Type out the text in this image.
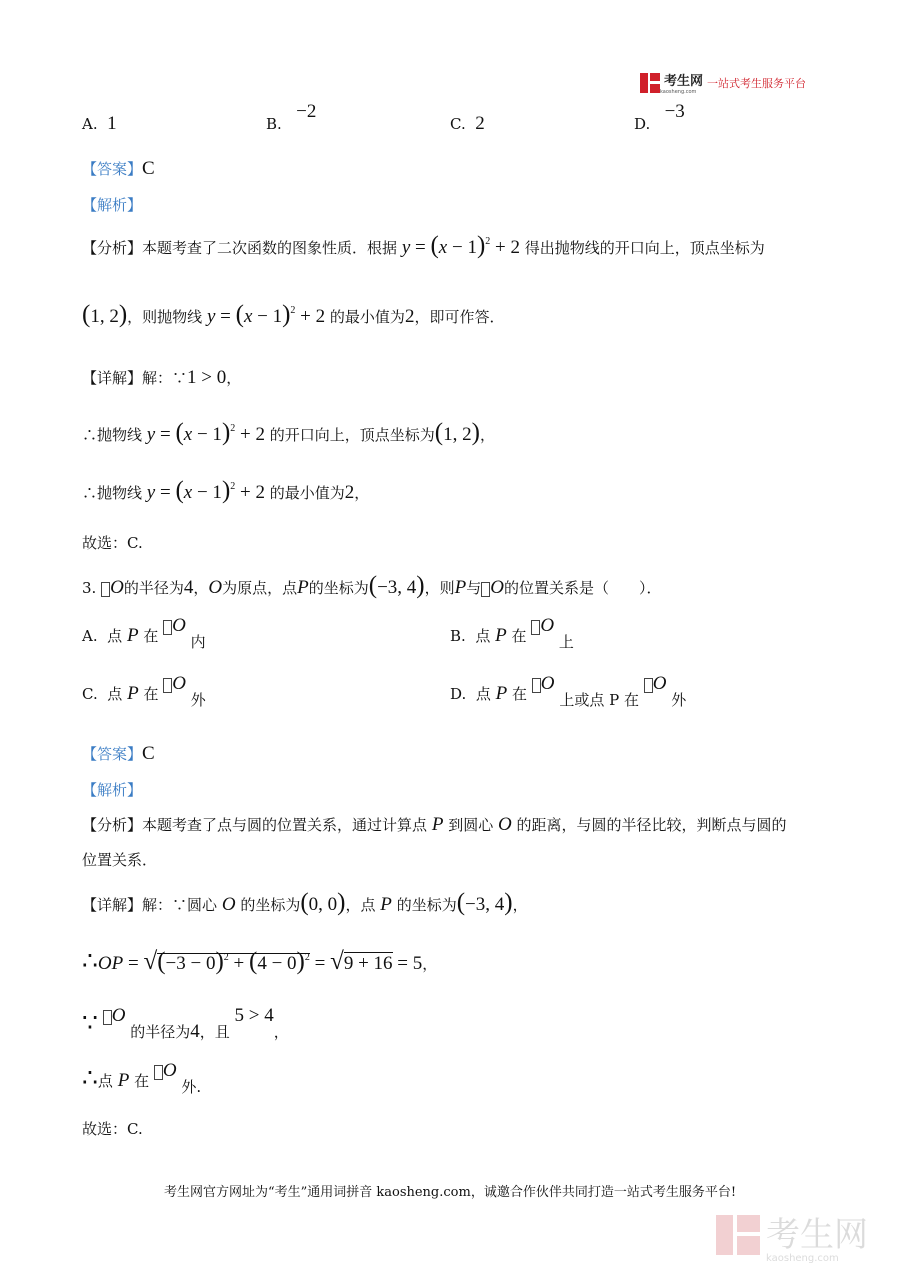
考生网
kaosheng.com
一站式考生服务平台
A. 1	B.   −2
C. 2	D.   −3
【答案】C
【解析】
【分析】本题考查了二次函数的图象性质．根据 $y = (x - 1)^2 + 2$ 得出抛物线的开口向上，顶点坐标为
(1, 2)，则抛物线 $y = (x - 1)^2 + 2$ 的最小值为2，即可作答．
【详解】解：∵1 > 0，
∴抛物线 $y = (x - 1)^2 + 2$ 的开口向上，顶点坐标为(1, 2)，
∴抛物线 $y = (x - 1)^2 + 2$ 的最小值为2，
故选：C.
3. O的半径为4，O为原点，点P的坐标为(−3, 4)，则P与 O的位置关系是（　　）．
A. 点 P 在 O 内	B. 点 P 在 O 上
C. 点 P 在 O 外	D. 点 P 在 O 上或点 P 在 O 外
【答案】C
【解析】
【分析】本题考查了点与圆的位置关系，通过计算点 P 到圆心 O 的距离，与圆的半径比较，判断点与圆的
位置关系．
【详解】解：∵圆心 O 的坐标为(0, 0)，点 P 的坐标为(−3, 4)，
∴OP = $√(-3 - 0)^2 + (4 - 0)^2 = √9 + 16 = 5$，
∵ O 的半径为4，且 5 > 4，
∴点 P 在 O 外.
故选：C.
考生网官方网址为“考生”通用词拼音 kaosheng.com，诚邀合作伙伴共同打造一站式考生服务平台!
考生网
kaosheng.com
